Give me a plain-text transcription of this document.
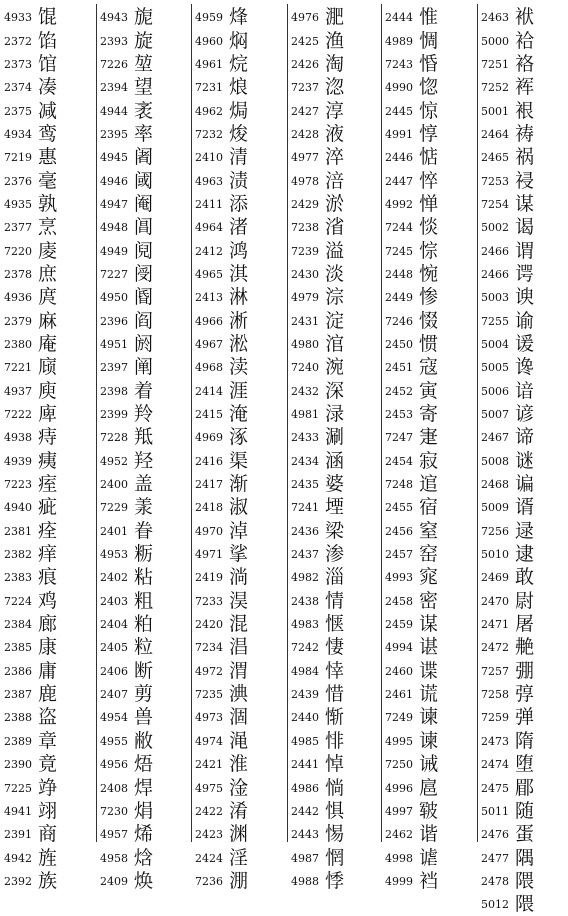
4933 馄
2372 馅
2373 馆
2374 凑
2375 减
4934 鸾
7219 惠
2376 毫
4935 孰
2377 烹
7220 庱
2378 庶
4936 庹
2379 麻
2380 庵
7221 庼
4937 庾
7222 庳
4938 痔
4939 痍
7223 痓
4940 疵
2381 痊
2382 痒
2383 痕
7224 鸡
2384 廊
2385 康
2386 庸
2387 鹿
2388 盗
2389 章
2390 竟
7225 竫
4941 翊
2391 商
4942 旌
2392 族
4943 旎
2393 旋
7226 堃
2394 望
4944 袤
2395 率
4945 阇
4946 阈
4947 阉
4948 阊
4949 阋
7227 阌
4950 阍
2396 阎
4951 阏
2397 阐
2398 着
2399 羚
7228 羝
4952 羟
2400 盖
7229 羕
2401 眷
4953 粝
2402 粘
2403 粗
2404 粕
2405 粒
2406 断
2407 剪
4954 兽
4955 敝
4956 焐
2408 焊
7230 焆
4957 烯
4958 焓
2409 焕
4959 烽
4960 焖
4961 烷
7231 烺
4962 焗
7232 焌
2410 清
4963 渍
2411 添
4964 渚
2412 鸿
4965 淇
2413 淋
4966 淅
4967 淞
4968 渎
2414 涯
2415 淹
4969 涿
2416 渠
2417 渐
2418 淑
4970 淖
4971 挲
2419 淌
7233 淏
2420 混
7234 淐
4972 渭
7235 淟
4973 涸
4974 渑
2421 淮
4975 淦
2422 淆
2423 渊
2424 淫
7236 淜
4976 淝
2425 渔
2426 淘
7237 淴
2427 淳
2428 液
4977 淬
4978 涪
2429 淤
7238 渻
7239 溢
2430 淡
4979 淙
2431 淀
4980 涫
7240 涴
2432 深
4981 渌
2433 涮
2434 涵
2435 婆
7241 堙
2436 梁
2437 渗
4982 淄
2438 情
4983 惬
7242 悽
4984 悻
2439 惜
2440 惭
4985 悱
2441 悼
4986 惝
2442 惧
2443 惕
4987 惘
4988 悸
2444 惟
4989 惆
7243 惛
4990 惚
2445 惊
4991 惇
2446 惦
2447 悴
4992 惮
7244 惔
7245 悰
2448 惋
2449 惨
7246 惙
2450 惯
2451 寇
2452 寅
2453 寄
7247 寁
2454 寂
7248 逭
2455 宿
2456 窒
2457 窑
4993 窕
2458 密
2459 谋
4994 谌
2460 谍
2461 谎
7249 谏
4995 谏
7250 诫
4996 扈
4997 皲
2462 谐
4998 谑
4999 裆
2463 袱
5000 袷
7251 袼
7252 裈
5001 裉
2464 祷
2465 祸
7253 祲
7254 谋
5002 谒
2466 谓
2466 谔
5003 谀
7255 谕
5004 谖
5005 谗
5006 谙
5007 谚
2467 谛
5008 谜
2468 谝
5009 谞
7256 逯
5010 逮
2469 敢
2470 尉
2471 屠
2472 艴
7257 弸
7258 弴
7259 弹
2473 隋
2474 堕
2475 郿
5011 随
2476 蛋
2477 隅
2478 隈
5012 隈
